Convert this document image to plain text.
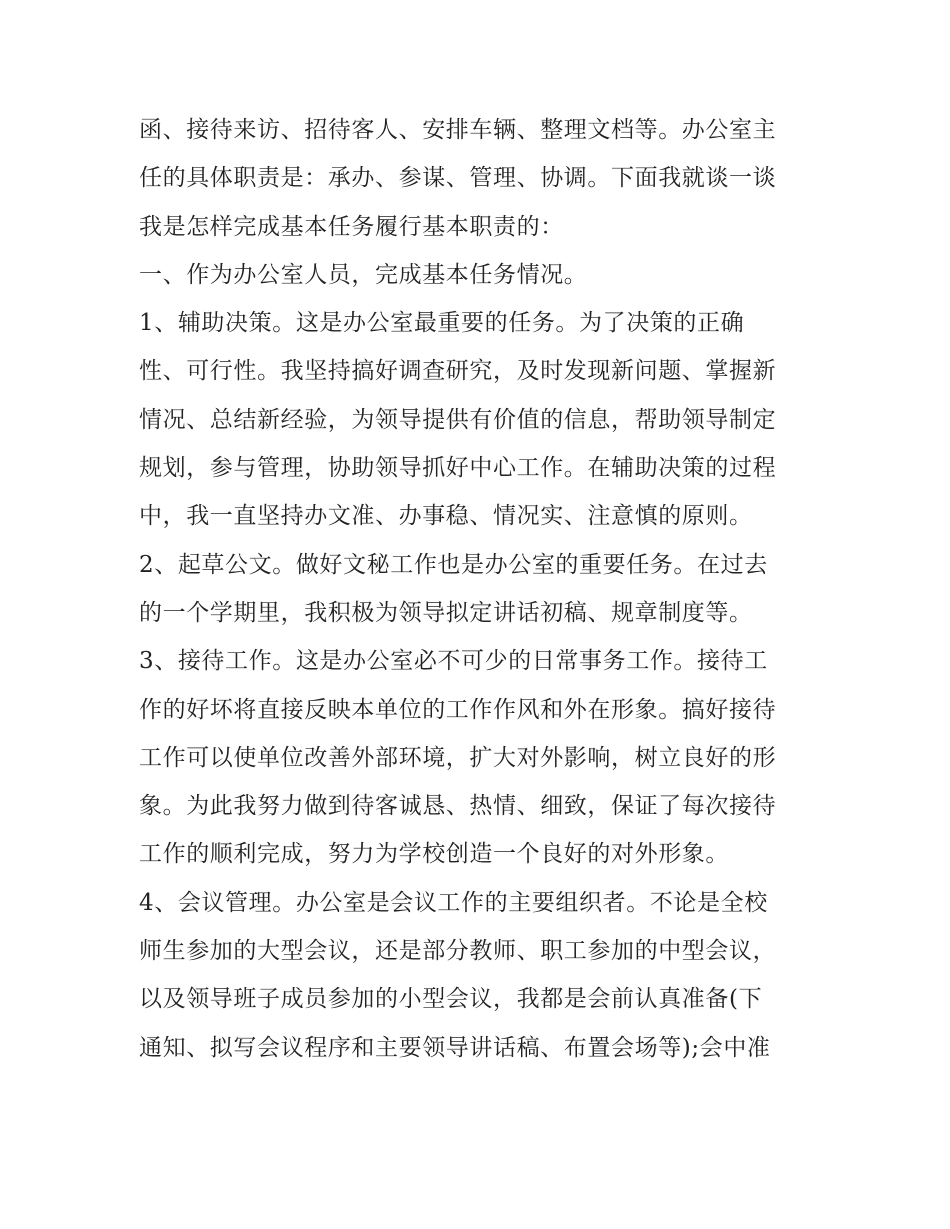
函、接待来访、招待客人、安排车辆、整理文档等。办公室主
任的具体职责是：承办、参谋、管理、协调。下面我就谈一谈
我是怎样完成基本任务履行基本职责的：
一、作为办公室人员，完成基本任务情况。
1、辅助决策。这是办公室最重要的任务。为了决策的正确
性、可行性。我坚持搞好调查研究，及时发现新问题、掌握新
情况、总结新经验，为领导提供有价值的信息，帮助领导制定
规划，参与管理，协助领导抓好中心工作。在辅助决策的过程
中，我一直坚持办文准、办事稳、情况实、注意慎的原则。
2、起草公文。做好文秘工作也是办公室的重要任务。在过去
的一个学期里，我积极为领导拟定讲话初稿、规章制度等。
3、接待工作。这是办公室必不可少的日常事务工作。接待工
作的好坏将直接反映本单位的工作作风和外在形象。搞好接待
工作可以使单位改善外部环境，扩大对外影响，树立良好的形
象。为此我努力做到待客诚恳、热情、细致，保证了每次接待
工作的顺利完成，努力为学校创造一个良好的对外形象。
4、会议管理。办公室是会议工作的主要组织者。不论是全校
师生参加的大型会议，还是部分教师、职工参加的中型会议，
以及领导班子成员参加的小型会议，我都是会前认真准备(下
通知、拟写会议程序和主要领导讲话稿、布置会场等);会中准
